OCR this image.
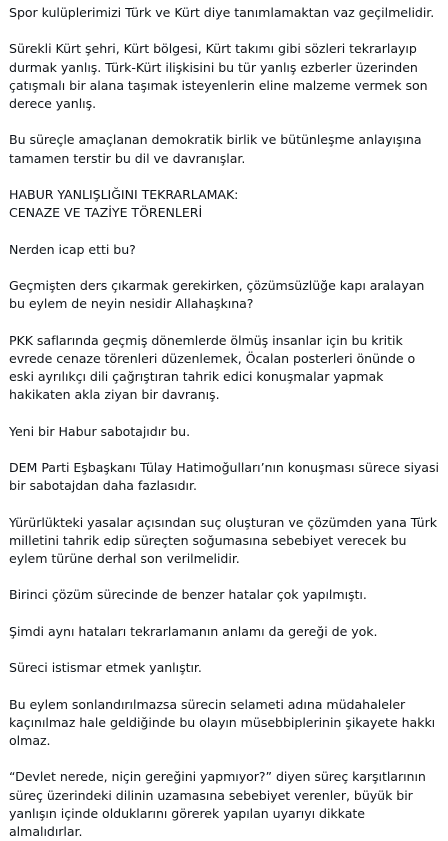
Spor kulüplerimizi Türk ve Kürt diye tanımlamaktan vaz geçilmelidir.

Sürekli Kürt şehri, Kürt bölgesi, Kürt takımı gibi sözleri tekrarlayıp durmak yanlış. Türk-Kürt ilişkisini bu tür yanlış ezberler üzerinden çatışmalı bir alana taşımak isteyenlerin eline malzeme vermek son derece yanlış.

Bu süreçle amaçlanan demokratik birlik ve bütünleşme anlayışına tamamen terstir bu dil ve davranışlar.

HABUR YANLIŞLIĞINI TEKRARLAMAK:
CENAZE VE TAZİYE TÖRENLERİ

Nerden icap etti bu?

Geçmişten ders çıkarmak gerekirken, çözümsüzlüğe kapı aralayan bu eylem de neyin nesidir Allahaşkına?

PKK saflarında geçmiş dönemlerde ölmüş insanlar için bu kritik evrede cenaze törenleri düzenlemek, Öcalan posterleri önünde o eski ayrılıkçı dili çağrıştıran tahrik edici konuşmalar yapmak hakikaten akla ziyan bir davranış.

Yeni bir Habur sabotajıdır bu.

DEM Parti Eşbaşkanı Tülay Hatimoğulları’nın konuşması sürece siyasi bir sabotajdan daha fazlasıdır.

Yürürlükteki yasalar açısından suç oluşturan ve çözümden yana Türk milletini tahrik edip süreçten soğumasına sebebiyet verecek bu eylem türüne derhal son verilmelidir.

Birinci çözüm sürecinde de benzer hatalar çok yapılmıştı.

Şimdi aynı hataları tekrarlamanın anlamı da gereği de yok.

Süreci istismar etmek yanlıştır.

Bu eylem sonlandırılmazsa sürecin selameti adına müdahaleler kaçınılmaz hale geldiğinde bu olayın müsebbiplerinin şikayete hakkı olmaz.

“Devlet nerede, niçin gereğini yapmıyor?” diyen süreç karşıtlarının süreç üzerindeki dilinin uzamasına sebebiyet verenler, büyük bir yanlışın içinde olduklarını görerek yapılan uyarıyı dikkate almalıdırlar.
